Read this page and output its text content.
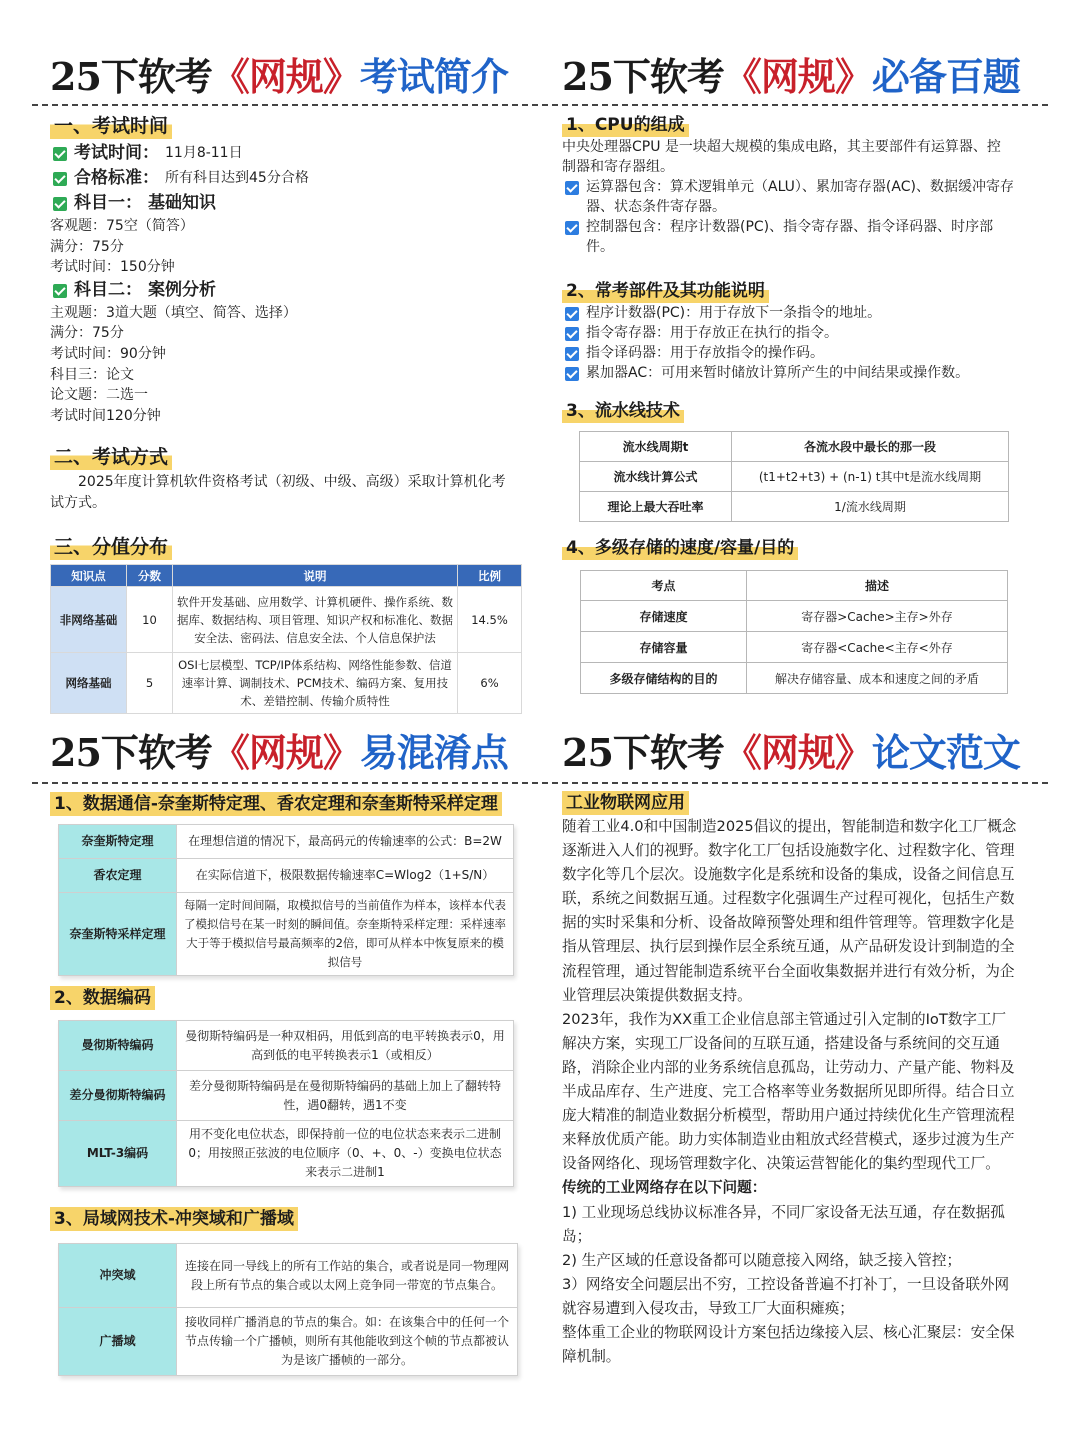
25下软考《网规》考试简介
一、考试时间
考试时间： 11月8-11日
合格标准： 所有科目达到45分合格
科目一： 基础知识
客观题：75空（简答）
满分：75分
考试时间：150分钟
科目二： 案例分析
主观题：3道大题（填空、简答、选择）
满分：75分
考试时间：90分钟
科目三：论文
论文题：二选一
考试时间120分钟
二、考试方式
2025年度计算机软件资格考试（初级、中级、高级）采取计算机化考试方式。
三、分值分布
知识点	分数	说明	比例
非网络基础	10	软件开发基础、应用数学、计算机硬件、操作系统、数据库、数据结构、项目管理、知识产权和标准化、数据安全法、密码法、信息安全法、个人信息保护法	14.5%
网络基础	5	OSI七层模型、TCP/IP体系结构、网络性能参数、信道速率计算、调制技术、PCM技术、编码方案、复用技术、差错控制、传输介质特性	6%
25下软考《网规》必备百题
1、CPU的组成
中央处理器CPU 是一块超大规模的集成电路，其主要部件有运算器、控制器和寄存器组。
运算器包含：算术逻辑单元（ALU）、累加寄存器(AC)、数据缓冲寄存器、状态条件寄存器。
控制器包含：程序计数器(PC)、指令寄存器、指令译码器、时序部件。
2、常考部件及其功能说明
程序计数器(PC)：用于存放下一条指令的地址。
指令寄存器：用于存放正在执行的指令。
指令译码器：用于存放指令的操作码。
累加器AC：可用来暂时储放计算所产生的中间结果或操作数。
3、流水线技术
流水线周期t	各流水段中最长的那一段
流水线计算公式	(t1+t2+t3) + (n-1) t其中t是流水线周期
理论上最大吞吐率	1/流水线周期
4、多级存储的速度/容量/目的
考点	描述
存储速度	寄存器>Cache>主存>外存
存储容量	寄存器<Cache<主存<外存
多级存储结构的目的	解决存储容量、成本和速度之间的矛盾
25下软考《网规》易混淆点
1、数据通信-奈奎斯特定理、香农定理和奈奎斯特采样定理
奈奎斯特定理	在理想信道的情况下，最高码元的传输速率的公式：B=2W
香农定理	在实际信道下，极限数据传输速率C=Wlog2（1+S/N）
奈奎斯特采样定理	每隔一定时间间隔，取模拟信号的当前值作为样本，该样本代表了模拟信号在某一时刻的瞬间值。奈奎斯特采样定理：采样速率大于等于模拟信号最高频率的2倍，即可从样本中恢复原来的模拟信号
2、数据编码
曼彻斯特编码	曼彻斯特编码是一种双相码，用低到高的电平转换表示0，用高到低的电平转换表示1（或相反）
差分曼彻斯特编码	差分曼彻斯特编码是在曼彻斯特编码的基础上加上了翻转特性，遇0翻转，遇1不变
MLT-3编码	用不变化电位状态，即保持前一位的电位状态来表示二进制0；用按照正弦波的电位顺序（0、+、0、-）变换电位状态来表示二进制1
3、局域网技术-冲突域和广播域
冲突域	连接在同一导线上的所有工作站的集合，或者说是同一物理网段上所有节点的集合或以太网上竞争同一带宽的节点集合。
广播域	接收同样广播消息的节点的集合。如：在该集合中的任何一个节点传输一个广播帧，则所有其他能收到这个帧的节点都被认为是该广播帧的一部分。
25下软考《网规》论文范文
工业物联网应用

随着工业4.0和中国制造2025倡议的提出，智能制造和数字化工厂概念逐渐进入人们的视野。数字化工厂包括设施数字化、过程数字化、管理数字化等几个层次。设施数字化是系统和设备的集成，设备之间信息互联，系统之间数据互通。过程数字化强调生产过程可视化，包括生产数据的实时采集和分析、设备故障预警处理和组件管理等。管理数字化是指从管理层、执行层到操作层全系统互通，从产品研发设计到制造的全流程管理，通过智能制造系统平台全面收集数据并进行有效分析，为企业管理层决策提供数据支持。

2023年，我作为XX重工企业信息部主管通过引入定制的IoT数字工厂解决方案，实现工厂设备间的互联互通，搭建设备与系统间的交互通路，消除企业内部的业务系统信息孤岛，让劳动力、产量产能、物料及半成品库存、生产进度、完工合格率等业务数据所见即所得。结合日立庞大精准的制造业数据分析模型，帮助用户通过持续优化生产管理流程来释放优质产能。助力实体制造业由粗放式经营模式，逐步过渡为生产设备网络化、现场管理数字化、决策运营智能化的集约型现代工厂。

传统的工业网络存在以下问题：

1) 工业现场总线协议标准各异，不同厂家设备无法互通，存在数据孤岛；

2) 生产区域的任意设备都可以随意接入网络，缺乏接入管控；

3）网络安全问题层出不穷，工控设备普遍不打补丁，一旦设备联外网就容易遭到入侵攻击，导致工厂大面积瘫痪；

整体重工企业的物联网设计方案包括边缘接入层、核心汇聚层：安全保障机制。
